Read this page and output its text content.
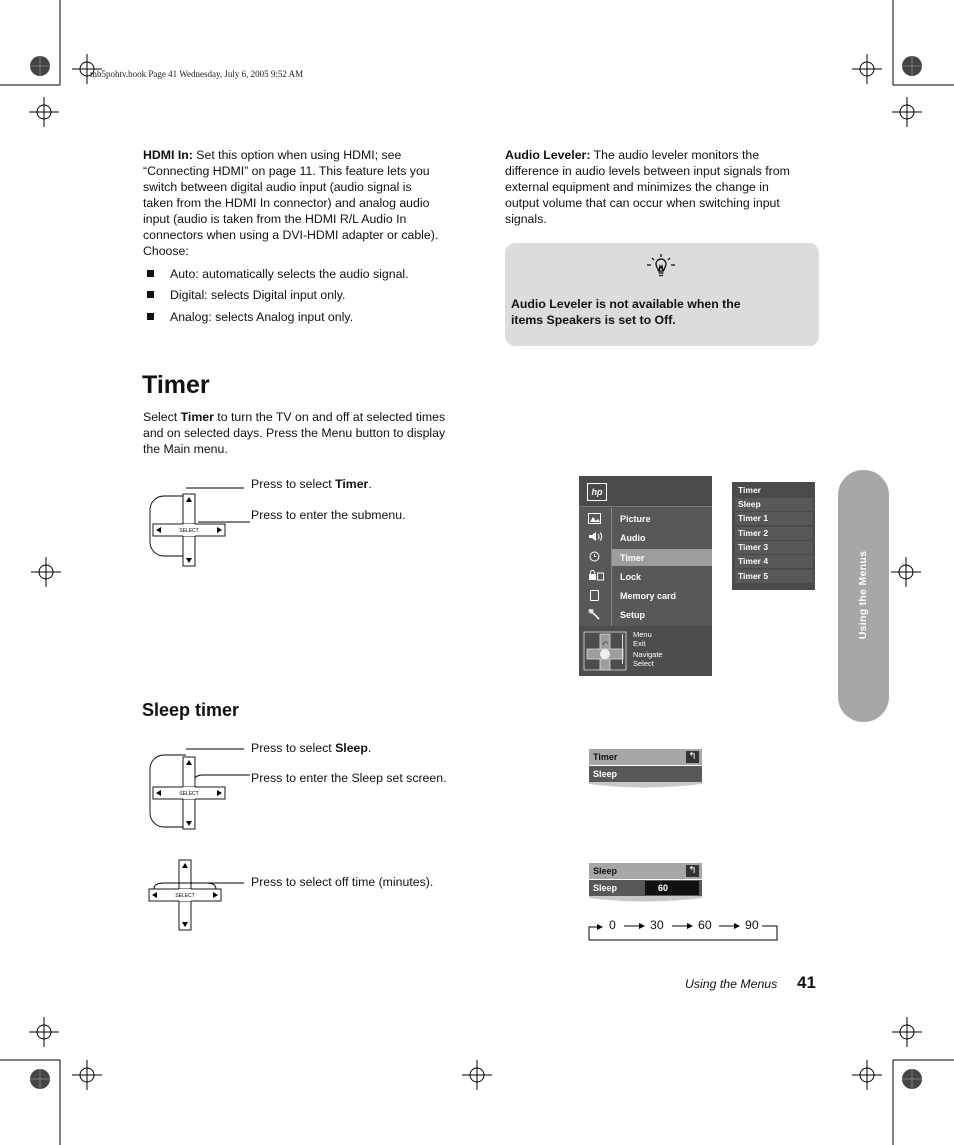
mb5pohtv.book Page 41 Wednesday, July 6, 2005 9:52 AM
HDMI In: Set this option when using HDMI; see
“Connecting HDMI” on page 11. This feature lets you
switch between digital audio input (audio signal is
taken from the HDMI In connector) and analog audio
input (audio is taken from the HDMI R/L Audio In
connectors when using a DVI-HDMI adapter or cable).
Choose:
Auto: automatically selects the audio signal.
Digital: selects Digital input only.
Analog: selects Analog input only.
Audio Leveler: The audio leveler monitors the
difference in audio levels between input signals from
external equipment and minimizes the change in
output volume that can occur when switching input
signals.
Audio Leveler is not available when the
items Speakers is set to Off.
Timer
Select Timer to turn the TV on and off at selected times
and on selected days. Press the Menu button to display
the Main menu.
SELECT
Press to select Timer.
Press to enter the submenu.
hp
Picture
Audio
Timer
Lock
Memory card
Setup
⤺
Menu
Exit
Navigate
Select
Timer
Sleep
Timer 1
Timer 2
Timer 3
Timer 4
Timer 5	Using the Menus
Sleep timer
SELECT
Press to select Sleep.
Press to enter the Sleep set screen.
SELECT
Press to select off time (minutes).
Timer	↰
Sleep
Sleep	↰
Sleep	60
0	30	60	90
Using the Menus 41
